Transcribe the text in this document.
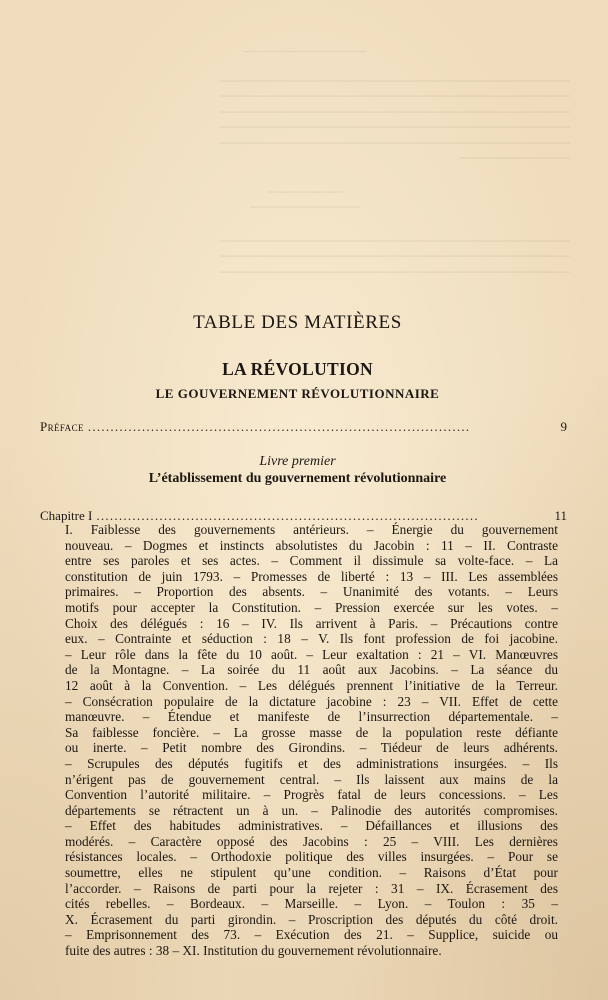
──────────────
──────────────────────────────────────
──────────────────────────────────────
──────────────────────────────────────
──────────────────────────────────────
──────────────────────────────────────
────────────
────────
────────────
──────────────────────────────────────
──────────────────────────────────────
──────────────────────────────────────
TABLE DES MATIÈRES
LA RÉVOLUTION
LE GOUVERNEMENT RÉVOLUTIONNAIRE
Préface . . .	9

Livre premier

L’établissement du gouvernement révolutionnaire

Chapitre I . . .	11

I. Faiblesse des gouvernements antérieurs. – Énergie du gouvernement
nouveau. – Dogmes et instincts absolutistes du Jacobin : 11 – II. Contraste
entre ses paroles et ses actes. – Comment il dissimule sa volte-face. – La
constitution de juin 1793. – Promesses de liberté : 13 – III. Les assemblées
primaires. – Proportion des absents. – Unanimité des votants. – Leurs
motifs pour accepter la Constitution. – Pression exercée sur les votes. –
Choix des délégués : 16 – IV. Ils arrivent à Paris. – Précautions contre
eux. – Contrainte et séduction : 18 – V. Ils font profession de foi jacobine.
– Leur rôle dans la fête du 10 août. – Leur exaltation : 21 – VI. Manœuvres
de la Montagne. – La soirée du 11 août aux Jacobins. – La séance du
12 août à la Convention. – Les délégués prennent l’initiative de la Terreur.
– Consécration populaire de la dictature jacobine : 23 – VII. Effet de cette
manœuvre. – Étendue et manifeste de l’insurrection départementale. –
Sa faiblesse foncière. – La grosse masse de la population reste défiante
ou inerte. – Petit nombre des Girondins. – Tiédeur de leurs adhérents.
– Scrupules des députés fugitifs et des administrations insurgées. – Ils
n’érigent pas de gouvernement central. – Ils laissent aux mains de la
Convention l’autorité militaire. – Progrès fatal de leurs concessions. – Les
départements se rétractent un à un. – Palinodie des autorités compromises.
– Effet des habitudes administratives. – Défaillances et illusions des
modérés. – Caractère opposé des Jacobins : 25 – VIII. Les dernières
résistances locales. – Orthodoxie politique des villes insurgées. – Pour se
soumettre, elles ne stipulent qu’une condition. – Raisons d’État pour
l’accorder. – Raisons de parti pour la rejeter : 31 – IX. Écrasement des
cités rebelles. – Bordeaux. – Marseille. – Lyon. – Toulon : 35 –
X. Écrasement du parti girondin. – Proscription des députés du côté droit.
– Emprisonnement des 73. – Exécution des 21. – Supplice, suicide ou
fuite des autres : 38 – XI. Institution du gouvernement révolutionnaire.
